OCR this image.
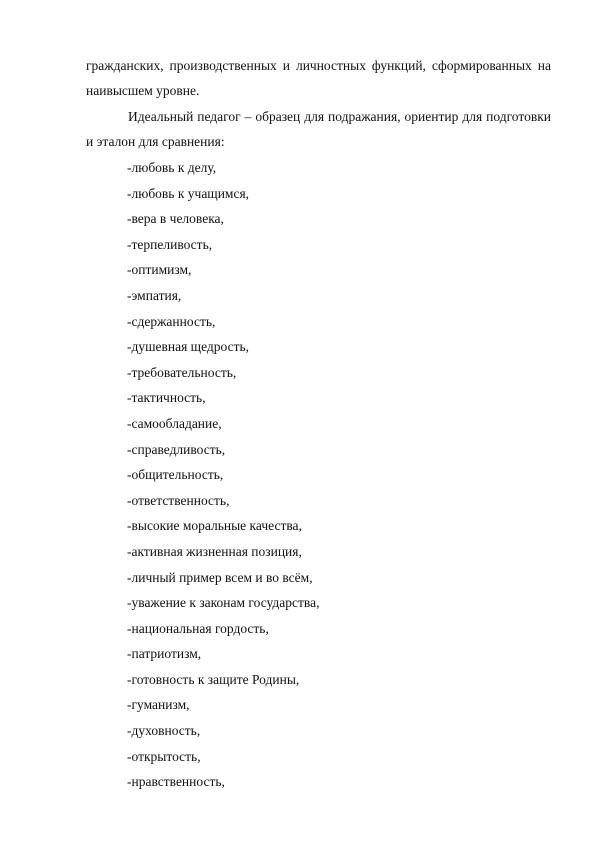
гражданских, производственных и личностных функций, сформированных на наивысшем уровне.

Идеальный педагог – образец для подражания, ориентир для подготовки и эталон для сравнения:

-любовь к делу,
-любовь к учащимся,
-вера в человека,
-терпеливость,
-оптимизм,
-эмпатия,
-сдержанность,
-душевная щедрость,
-требовательность,
-тактичность,
-самообладание,
-справедливость,
-общительность,
-ответственность,
-высокие моральные качества,
-активная жизненная позиция,
-личный пример всем и во всём,
-уважение к законам государства,
-национальная гордость,
-патриотизм,
-готовность к защите Родины,
-гуманизм,
-духовность,
-открытость,
-нравственность,
